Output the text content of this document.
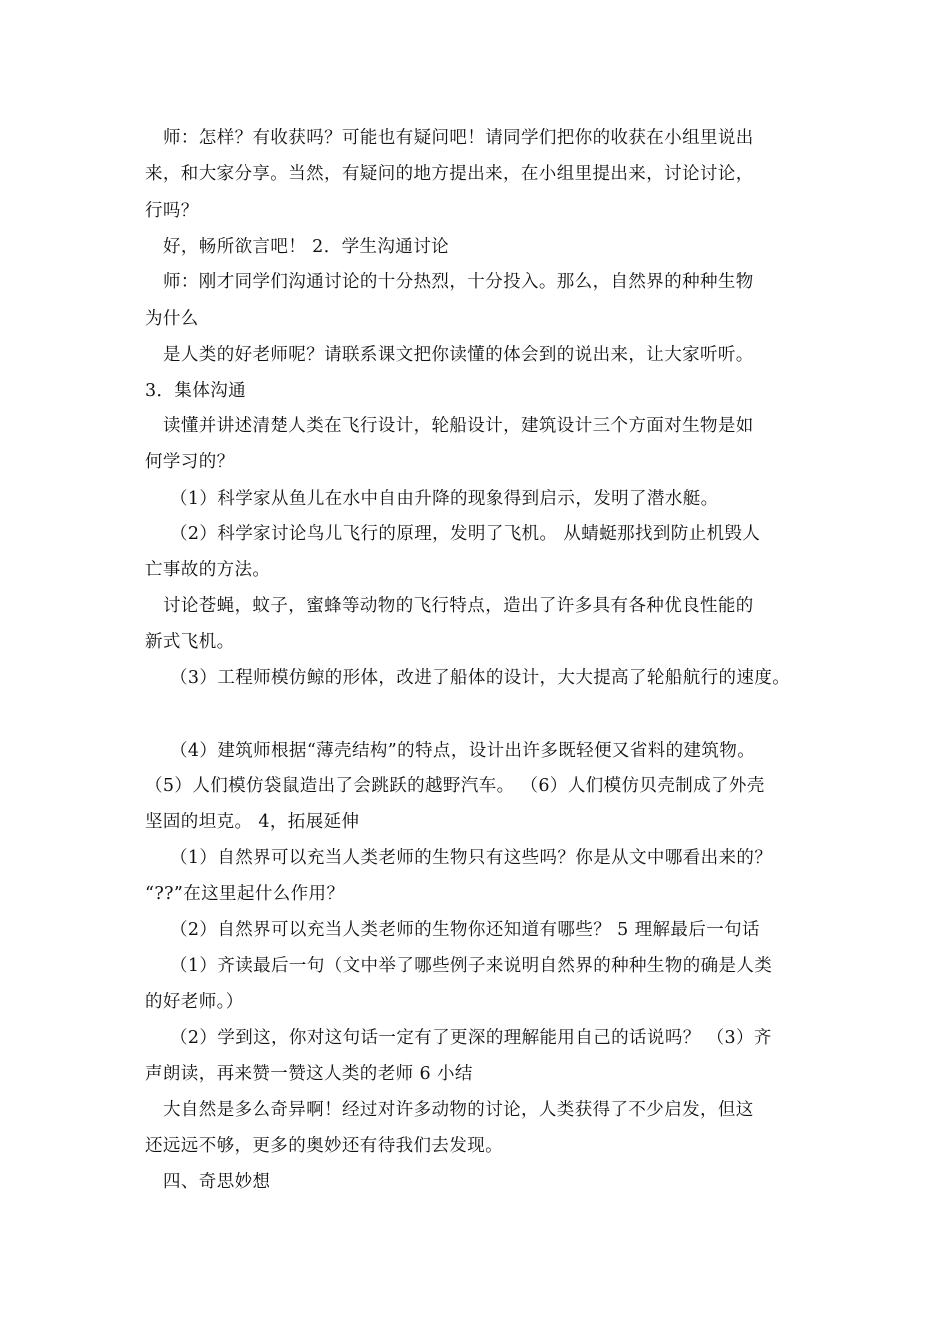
师：怎样？有收获吗？可能也有疑问吧！请同学们把你的收获在小组里说出
来，和大家分享。当然，有疑问的地方提出来，在小组里提出来，讨论讨论，
行吗？
好，畅所欲言吧！ 2．学生沟通讨论
师：刚才同学们沟通讨论的十分热烈，十分投入。那么，自然界的种种生物
为什么
是人类的好老师呢？请联系课文把你读懂的体会到的说出来，让大家听听。
3．集体沟通
读懂并讲述清楚人类在飞行设计，轮船设计，建筑设计三个方面对生物是如
何学习的？
（1）科学家从鱼儿在水中自由升降的现象得到启示，发明了潜水艇。
（2）科学家讨论鸟儿飞行的原理，发明了飞机。 从蜻蜓那找到防止机毁人
亡事故的方法。
讨论苍蝇，蚊子，蜜蜂等动物的飞行特点，造出了许多具有各种优良性能的
新式飞机。
（3）工程师模仿鲸的形体，改进了船体的设计，大大提高了轮船航行的速度。
（4）建筑师根据“薄壳结构”的特点，设计出许多既轻便又省料的建筑物。
（5）人们模仿袋鼠造出了会跳跃的越野汽车。 （6）人们模仿贝壳制成了外壳
坚固的坦克。 4，拓展延伸
（1）自然界可以充当人类老师的生物只有这些吗？你是从文中哪看出来的？
“??”在这里起什么作用？
（2）自然界可以充当人类老师的生物你还知道有哪些？ 5 理解最后一句话
（1）齐读最后一句（文中举了哪些例子来说明自然界的种种生物的确是人类
的好老师。）
（2）学到这，你对这句话一定有了更深的理解能用自己的话说吗？ （3）齐
声朗读，再来赞一赞这人类的老师 6 小结
大自然是多么奇异啊！经过对许多动物的讨论，人类获得了不少启发，但这
还远远不够，更多的奥妙还有待我们去发现。
四、奇思妙想
